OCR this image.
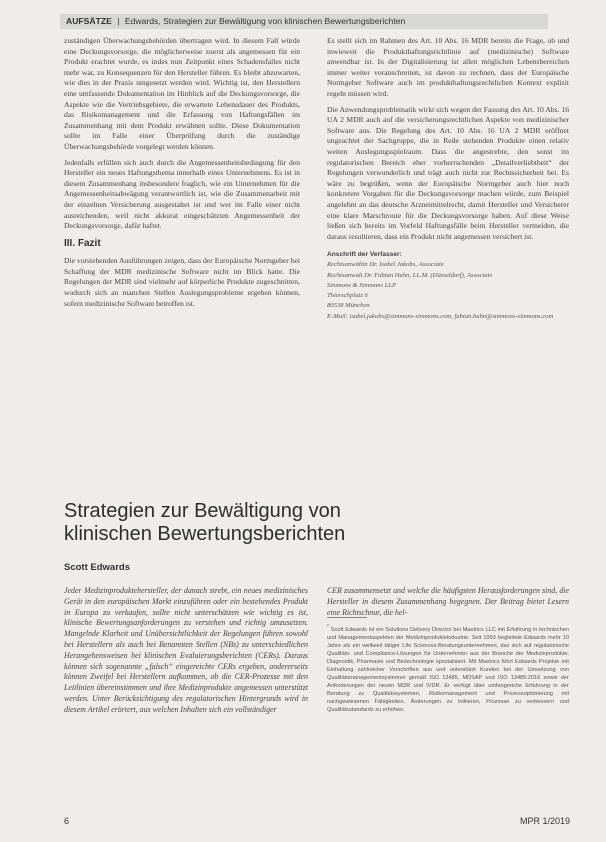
AUFSÄTZE | Edwards, Strategien zur Bewältigung von klinischen Bewertungsberichten

zuständigen Überwachungsbehörden übertragen wird. In diesem Fall würde eine Deckungsvorsorge, die möglicherweise zuerst als angemessen für ein Produkt erachtet wurde, es indes nun Zeitpunkt eines Schadensfalles nicht mehr war, zu Konsequenzen für den Hersteller führen. Es bleibt abzuwarten, wie dies in der Praxis umgesetzt werden wird. Wichtig ist, den Herstellern eine umfassende Dokumentation im Hinblick auf die Deckungsvorsorge, die Aspekte wie die Vertriebsgebiete, die erwartete Lebensdauer des Produkts, das Risikomanagement und die Erfassung von Haftungsfällen im Zusammenhang mit dem Produkt erwähnen sollte. Diese Dokumentation sollte im Falle einer Überprüfung durch die zuständige Überwachungsbehörde vorgelegt werden können.

Jedenfalls erfüllen sich auch durch die Angemessenheitsbedingung für den Hersteller ein neues Haftungsthema innerhalb eines Unternehmens. Es ist in diesem Zusammenhang insbesondere fraglich, wie ein Unternehmen für die Angemessenheitsabwägung verantwortlich ist, wie die Zusammenarbeit mit der einzelnen Versicherung ausgestaltet ist und wer im Falle einer nicht ausreichenden, weil nicht akkurat eingeschätzten Angemessenheit der Deckungsvorsorge, dafür haftet.

III. Fazit

Die vorstehenden Ausführungen zeigen, dass der Europäische Normgeber bei Schaffung der MDR medizinische Software nicht im Blick hatte. Die Regelungen der MDR sind vielmehr auf körperliche Produkte zugeschnitten, wodurch sich an manchen Stellen Auslegungsprobleme ergeben können, sofern medizinische Software betroffen ist.

Es stellt sich im Rahmen des Art. 10 Abs. 16 MDR bereits die Frage, ob und inwieweit die Produkthaftungsrichtlinie auf (medizinische) Software anwendbar ist. In der Digitalisierung ist allen möglichen Lebensbereichen immer weiter voranschreiten, ist davon zu rechnen, dass der Europäische Normgeber Software auch im produkthaftungsrechtlichen Kontext explizit regeln müssen wird.

Die Anwendungsproblematik wirkt sich wegen der Fassung des Art. 10 Abs. 16 UA 2 MDR auch auf die versicherungsrechtlichen Aspekte von medizinischer Software aus. Die Regelung des Art. 10 Abs. 16 UA 2 MDR eröffnet ungeachtet der Sachgruppe, die in Rede stehenden Produkte einen relativ weiten Auslegungsspielraum. Dass die angestrebte, den sonst im regulatorischen Bereich eher vorherrschenden „Detailverliebtheit“ der Regelungen verwunderlich und trägt auch nicht zur Rechtssicherheit bei. Es wäre zu begrüßen, wenn der Europäische Normgeber auch hier noch konkretere Vorgaben für die Deckungsvorsorge machen würde, zum Beispiel angelehnt an das deutsche Arzneimittelrecht, damit Hersteller und Versicherer eine klare Marschroute für die Deckungsvorsorge haben. Auf diese Weise ließen sich bereits im Vorfeld Haftungsfälle beim Hersteller vermeiden, die daraus resultieren, dass ein Produkt nicht angemessen versichert ist.

Anschrift der Verfasser:
Rechtsanwältin Dr. Isabel Jakobs, Associate
Rechtsanwalt Dr. Fabian Hahn, LL.M. (Düsseldorf), Associate
Simmons & Simmons LLP
Thierschplatz 6
80538 München
E-Mail: isabel.jakobs@simmons-simmons.com, fabian.hahn@simmons-simmons.com
Strategien zur Bewältigung von
klinischen Bewertungsberichten
Scott Edwards
Jeder Medizinproduktehersteller, der danach strebt, ein neues medizinisches Gerät in den europäischen Markt einzuführen oder ein bestehendes Produkt in Europa zu verkaufen, sollte nicht unterschätzen wie wichtig es ist, klinische Bewertungsanforderungen zu verstehen und richtig umzusetzen. Mangelnde Klarheit und Unübersichtlichkeit der Regelungen führen sowohl bei Herstellern als auch bei Benannten Stellen (NBs) zu unterschiedlichen Herangehensweisen bei klinischen Evaluierungsberichten (CERs). Daraus können sich sogenannte „falsch“ eingereichte CERs ergeben, andererseits können Zweifel bei Herstellern aufkommen, ob die CER-Prozesse mit den Leitlinien übereinstimmen und ihre Medizinprodukte angemessen unterstützt werden. Unter Berücksichtigung des regulatorischen Hintergrunds wird in diesem Artikel erörtert, aus welchen Inhalten sich ein vollständiger
CER zusammensetzt und welche die häufigsten Herausforderungen sind, die Hersteller in diesem Zusammenhang begegnen. Der Beitrag bietet Lesern eine Richtschnur, die hel-
* Scott Edwards ist ein Solutions Delivery Director bei Maetrics LLC mit Erfahrung in technischen und Managementaspekten der Medizinprodukteindustrie. Seit 1993 begleitete Edwards mehr 10 Jahre als ein weltweit tätiger Life Sciences-Beratungsunternehmen, das sich auf regulatorische Qualitäts- und Compliance-Lösungen für Unternehmen aus der Branche der Medizinprodukte, Diagnostik, Pharmazie und Biotechnologie spezialisiert. Mit Maetrics führt Edwards Projekte mit Einhaltung zahlreicher Vorschriften aus und unterstützt Kunden bei der Umsetzung von Qualitätsmanagementsystemen gemäß ISO 13485, MDSAP und ISO 13485:2016 sowie der Anforderungen der neuen MDR und IVDR. Er verfügt über umfangreiche Erfahrung in der Beratung zu Qualitätssystemen, Risikomanagement und Prozessoptimierung mit nachgewiesenen Fähigkeiten, Änderungen zu initiieren, Prozesse zu verbessern und Qualitätsstandards zu erhöhen.
6	MPR 1/2019
